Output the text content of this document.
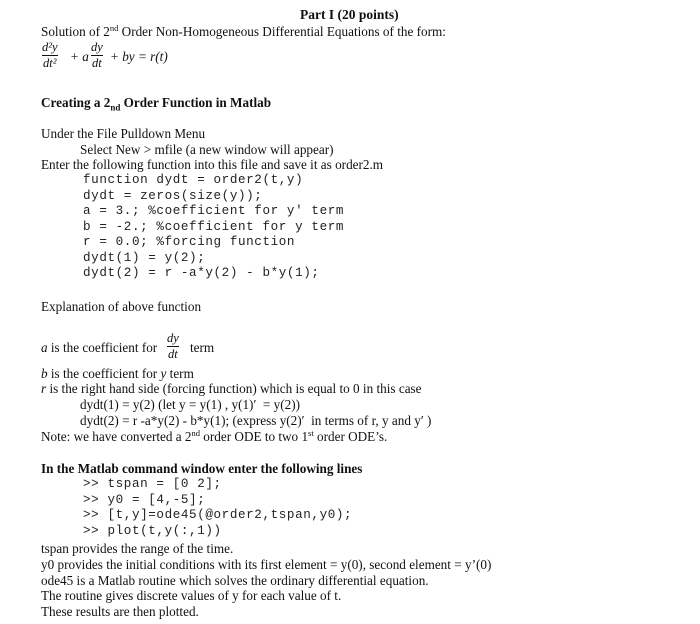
Part I (20 points)
Solution of 2nd Order Non-Homogeneous Differential Equations of the form:
d²y
dt² + a
dy
dt + by = r(t)
Creating a $2_{nd}$ Order Function in Matlab
Under the File Pulldown Menu
Select New > mfile (a new window will appear)
Enter the following function into this file and save it as order2.m
function dydt = order2(t,y)
dydt = zeros(size(y));
a = 3.; %coefficient for y' term
b = -2.; %coefficient for y term
r = 0.0; %forcing function
dydt(1) = y(2);
dydt(2) = r -a*y(2) - b*y(1);
Explanation of above function
a is the coefficient for
dy
dt term
b is the coefficient for y term
r is the right hand side (forcing function) which is equal to 0 in this case
dydt(1) = y(2) (let y = y(1) , y(1)′  = y(2))
dydt(2) = r -a*y(2) - b*y(1); (express y(2)′  in terms of r, y and y′ )
Note: we have converted a 2nd order ODE to two 1st order ODE’s.
In the Matlab command window enter the following lines
>> tspan = [0 2];
>> y0 = [4,-5];
>> [t,y]=ode45(@order2,tspan,y0);
>> plot(t,y(:,1))
tspan provides the range of the time.
y0 provides the initial conditions with its first element = y(0), second element = y’(0)
ode45 is a Matlab routine which solves the ordinary differential equation.
The routine gives discrete values of y for each value of t.
These results are then plotted.
